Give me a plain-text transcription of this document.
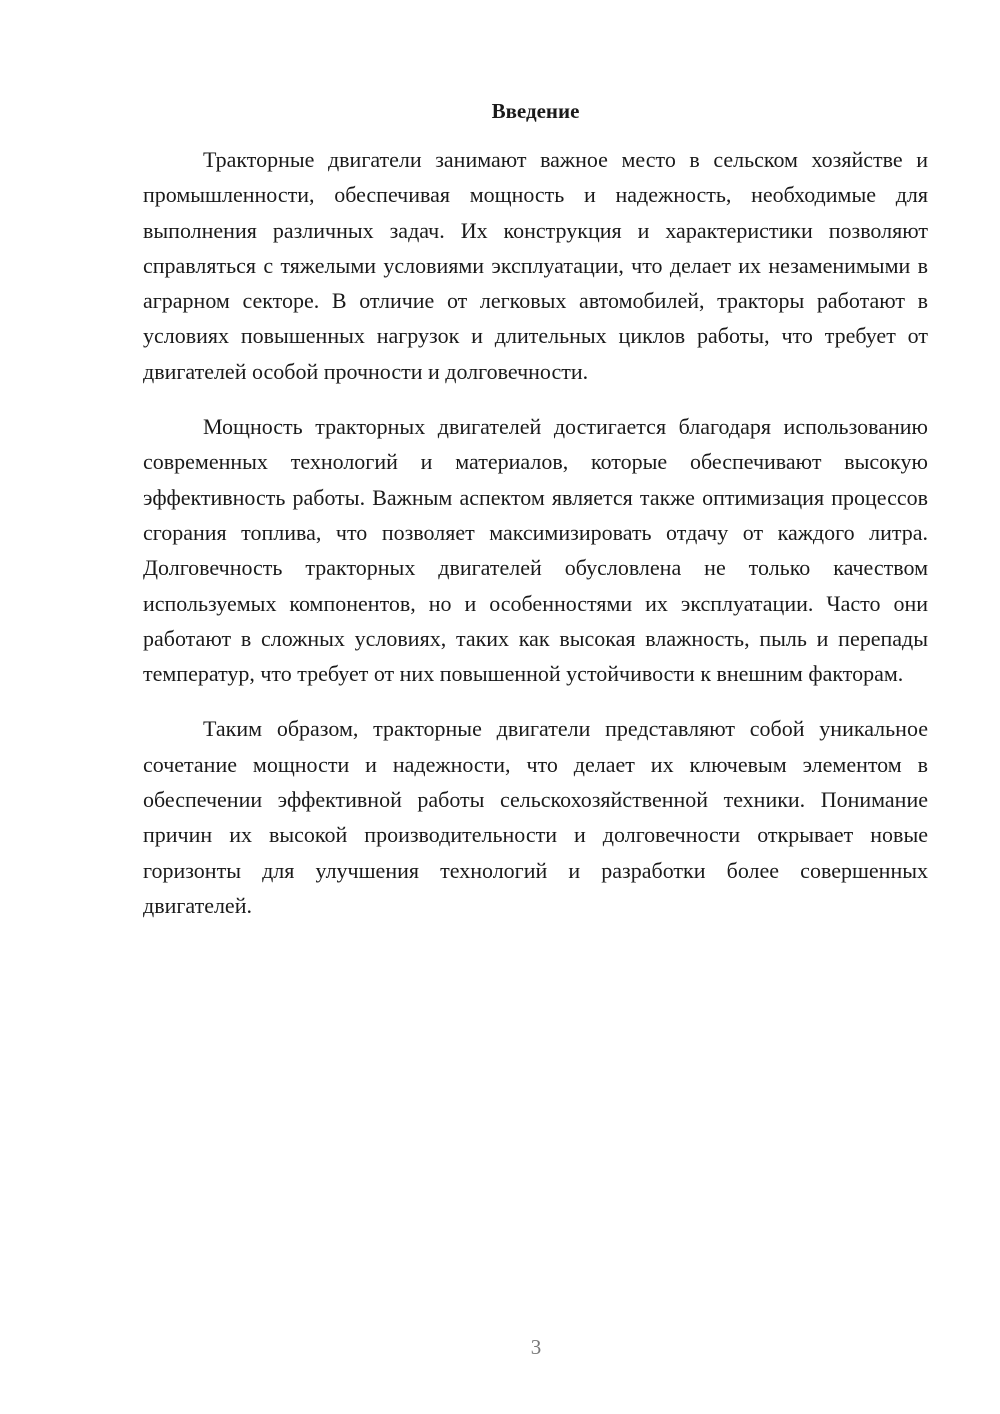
Введение

Тракторные двигатели занимают важное место в сельском хозяйстве и промышленности, обеспечивая мощность и надежность, необходимые для выполнения различных задач. Их конструкция и характеристики позволяют справляться с тяжелыми условиями эксплуатации, что делает их незаменимыми в аграрном секторе. В отличие от легковых автомобилей, тракторы работают в условиях повышенных нагрузок и длительных циклов работы, что требует от двигателей особой прочности и долговечности.

Мощность тракторных двигателей достигается благодаря использованию современных технологий и материалов, которые обеспечивают высокую эффективность работы. Важным аспектом является также оптимизация процессов сгорания топлива, что позволяет максимизировать отдачу от каждого литра. Долговечность тракторных двигателей обусловлена не только качеством используемых компонентов, но и особенностями их эксплуатации. Часто они работают в сложных условиях, таких как высокая влажность, пыль и перепады температур, что требует от них повышенной устойчивости к внешним факторам.

Таким образом, тракторные двигатели представляют собой уникальное сочетание мощности и надежности, что делает их ключевым элементом в обеспечении эффективной работы сельскохозяйственной техники. Понимание причин их высокой производительности и долговечности открывает новые горизонты для улучшения технологий и разработки более совершенных двигателей.

3
